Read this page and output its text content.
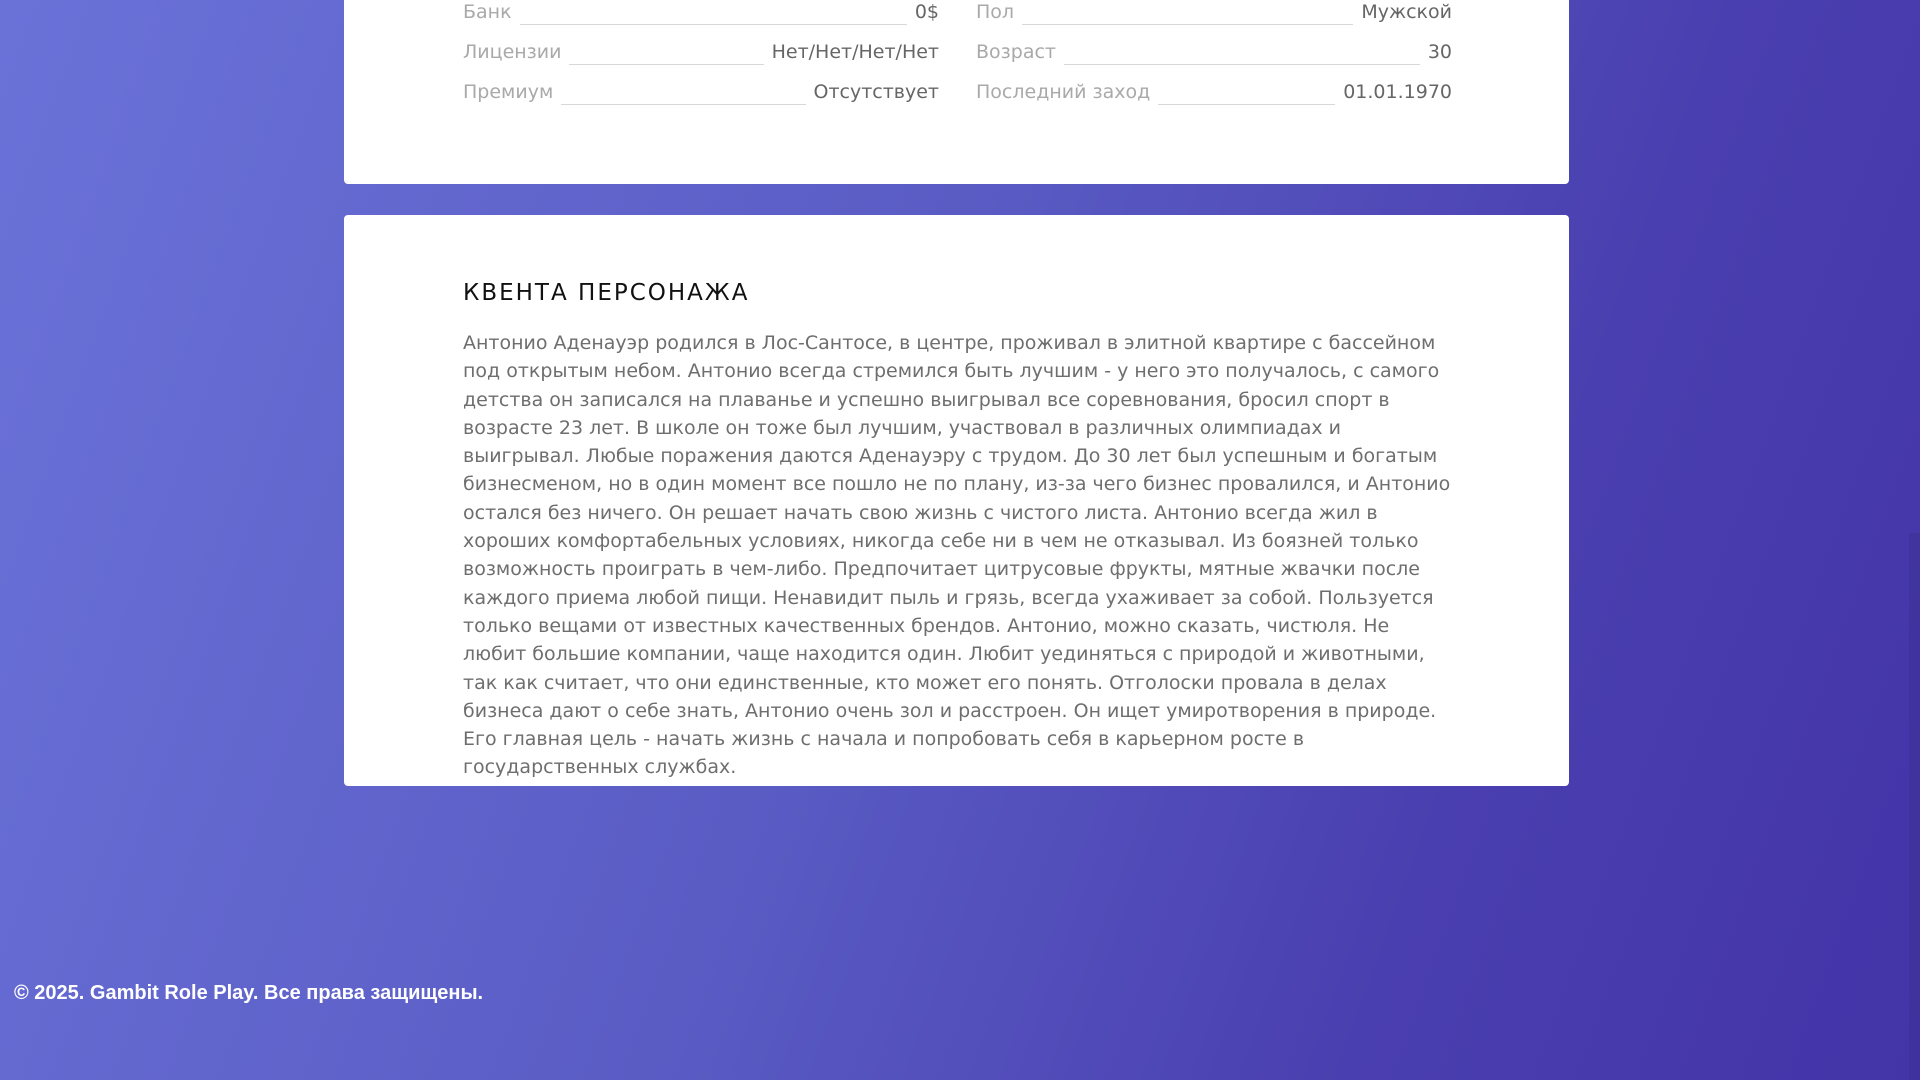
Банк	0$
Лицензии	Нет/Нет/Нет/Нет
Премиум	Отсутствует
Пол	Мужской
Возраст	30
Последний заход	01.01.1970
КВЕНТА ПЕРСОНАЖА

Антонио Аденауэр родился в Лос-Сантосе, в центре, проживал в элитной квартире с бассейном под открытым небом. Антонио всегда стремился быть лучшим - у него это получалось, с самого детства он записался на плаванье и успешно выигрывал все соревнования, бросил спорт в возрасте 23 лет. В школе он тоже был лучшим, участвовал в различных олимпиадах и выигрывал. Любые поражения даются Аденауэру с трудом. До 30 лет был успешным и богатым бизнесменом, но в один момент все пошло не по плану, из-за чего бизнес провалился, и Антонио остался без ничего. Он решает начать свою жизнь с чистого листа. Антонио всегда жил в хороших комфортабельных условиях, никогда себе ни в чем не отказывал. Из боязней только возможность проиграть в чем-либо. Предпочитает цитрусовые фрукты, мятные жвачки после каждого приема любой пищи. Ненавидит пыль и грязь, всегда ухаживает за собой. Пользуется только вещами от известных качественных брендов. Антонио, можно сказать, чистюля. Не любит большие компании, чаще находится один. Любит уединяться с природой и животными, так как считает, что они единственные, кто может его понять. Отголоски провала в делах бизнеса дают о себе знать, Антонио очень зол и расстроен. Он ищет умиротворения в природе. Его главная цель - начать жизнь с начала и попробовать себя в карьерном росте в государственных службах.

© 2025. Gambit Role Play. Все права защищены.
